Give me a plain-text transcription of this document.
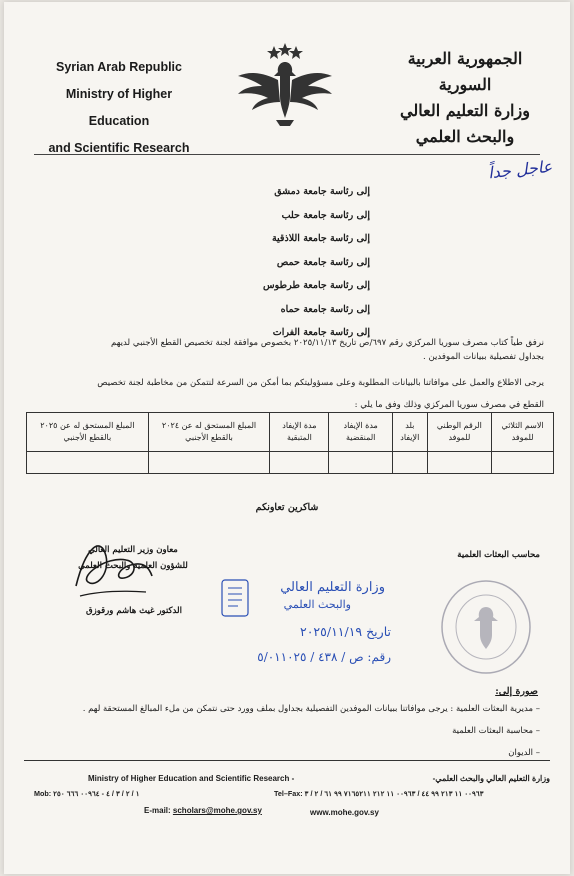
Syrian Arab Republic
Ministry of Higher Education
and Scientific Research
الجمهورية العربية السورية
وزارة التعليم العالي
والبحث العلمي
عاجل جداً
إلى رئاسة جامعة دمشق
إلى رئاسة جامعة حلب
إلى رئاسة جامعة اللاذقية
إلى رئاسة جامعة حمص
إلى رئاسة جامعة طرطوس
إلى رئاسة جامعة حماه
إلى رئاسة جامعة الفرات
نرفق طياً كتاب مصرف سوريا المركزي رقم ٦٩٧/ص تاريخ ٢٠٢٥/١١/١٣ بخصوص موافقة لجنة تخصيص القطع الأجنبي لديهم
بجداول تفصيلية ببيانات الموفدين .
يرجى الاطلاع والعمل على موافاتنا بالبيانات المطلوبة وعلى مسؤوليتكم بما أمكن من السرعة لنتمكن من مخاطبة لجنة تخصيص
القطع في مصرف سوريا المركزي وذلك وفق ما يلي :
الاسم الثلاثي للموفد	الرقم الوطني للموفد	بلد الإيفاد	مدة الإيفاد المنقضية	مدة الإيفاد المتبقية	المبلغ المستحق له عن ٢٠٢٤ بالقطع الأجنبي	المبلغ المستحق له عن ٢٠٢٥ بالقطع الأجنبي

شاكرين تعاونكم
معاون وزير التعليم العالي
للشؤون العلمية والبحث العلمي
الدكتور غيث هاشم ورقوزق
محاسب البعثات العلمية
وزارة التعليم العالي
والبحث العلمي
تاريخ ٢٠٢٥/١١/١٩
رقم: ص / ٤٣٨ / ٥/٠١١٠٢٥
صورة إلى:
– مديرية البعثات العلمية : يرجى موافاتنا ببيانات الموفدين التفصيلية بجداول بملف وورد حتى نتمكن من ملء المبالغ المستحقة لهم .
– محاسبة البعثات العلمية
– الديوان
Ministry of Higher Education and Scientific Research -	وزارة التعليم العالي والبحث العلمي-
Mob: ١ / ٢ / ٣ / ٤ - ٠٠٩٦٤ ٦٦٦ ٢٥٠	Tel–Fax: ٠٠٩٦٣ ١١ ٢١٣ ٩٩ ٤٤ / ٠٠٩٦٣ ١١ ٢١٢ ٧١٦٥٢١١ ٩٩ ٦١ / ٢ / ٣
E-mail: scholars@mohe.gov.sy	www.mohe.gov.sy
